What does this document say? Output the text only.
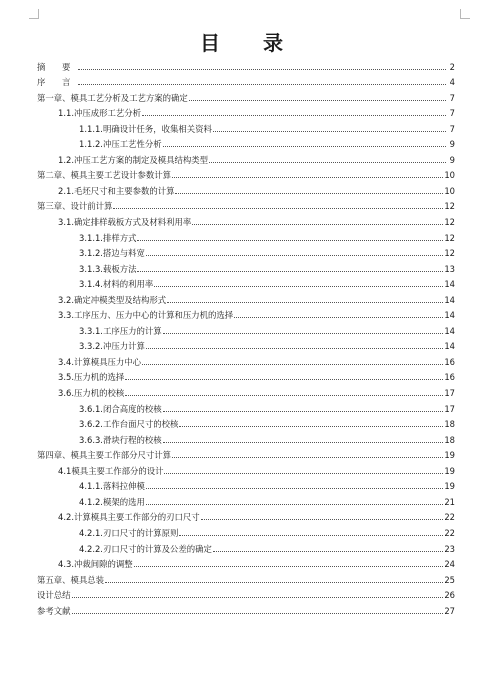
目 录
摘 要	2
序 言	4
第一章、模具工艺分析及工艺方案的确定	7
1.1.冲压成形工艺分析	7
1.1.1.明确设计任务，收集相关资料	7
1.1.2.冲压工艺性分析	9
1.2.冲压工艺方案的制定及模具结构类型	9
第二章、模具主要工艺设计参数计算	10
2.1.毛坯尺寸和主要参数的计算	10
第三章、设计前计算	12
3.1.确定排样载板方式及材料利用率	12
3.1.1.排样方式	12
3.1.2.搭边与料宽	12
3.1.3.载板方法	13
3.1.4.材料的利用率	14
3.2.确定冲模类型及结构形式	14
3.3.工序压力、压力中心的计算和压力机的选择	14
3.3.1.工序压力的计算	14
3.3.2.冲压力计算	14
3.4.计算模具压力中心	16
3.5.压力机的选择	16
3.6.压力机的校核	17
3.6.1.闭合高度的校核	17
3.6.2.工作台面尺寸的校核	18
3.6.3.滑块行程的校核	18
第四章、模具主要工作部分尺寸计算	19
4.1模具主要工作部分的设计	19
4.1.1.落料拉伸模	19
4.1.2.模架的选用	21
4.2.计算模具主要工作部分的刃口尺寸	22
4.2.1.刃口尺寸的计算原则	22
4.2.2.刃口尺寸的计算及公差的确定	23
4.3.冲裁间隙的调整	24
第五章、模具总装	25
设计总结	26
参考文献	27
